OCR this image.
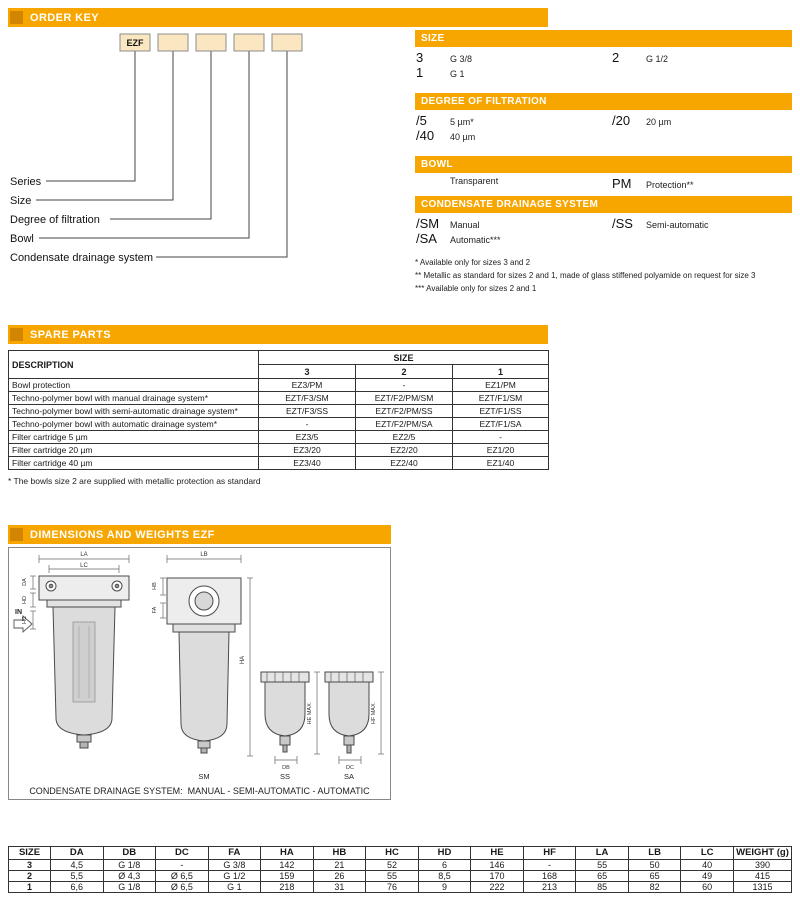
ORDER KEY
EZF
Series
Size
Degree of filtration
Bowl
Condensate drainage system
SIZE
3	G 3/8	2	G 1/2
1	G 1
DEGREE OF FILTRATION
/5	5 µm*	/20	20 µm
/40	40 µm
BOWL
Transparent	PM	Protection**
CONDENSATE DRAINAGE SYSTEM
/SM	Manual	/SS	Semi-automatic
/SA	Automatic***
* Available only for sizes 3 and 2
** Metallic as standard for sizes 2 and 1, made of glass stiffened polyamide on request for size 3
*** Available only for sizes 2 and 1
SPARE PARTS
DESCRIPTION	SIZE		
	3	2	1
Bowl protection	EZ3/PM	-	EZ1/PM
Techno-polymer bowl with manual drainage system*	EZT/F3/SM	EZT/F2/PM/SM	EZT/F1/SM
Techno-polymer bowl with semi-automatic drainage system*	EZT/F3/SS	EZT/F2/PM/SS	EZT/F1/SS
Techno-polymer bowl with automatic drainage system*	-	EZT/F2/PM/SA	EZT/F1/SA
Filter cartridge 5 µm	EZ3/5	EZ2/5	-
Filter cartridge 20 µm	EZ3/20	EZ2/20	EZ1/20
Filter cartridge 40 µm	EZ3/40	EZ2/40	EZ1/40
* The bowls size 2 are supplied with metallic protection as standard
DIMENSIONS AND WEIGHTS EZF
IN
LA
LC
LB
DA
HD
HC
HB
FA
HA
HE MAX.	HF MAX.
DB	DC
SM	SS	SA
CONDENSATE DRAINAGE SYSTEM:  MANUAL - SEMI-AUTOMATIC - AUTOMATIC
SIZE	DA	DB	DC	FA	HA	HB	HC	HD	HE	HF	LA	LB	LC	WEIGHT (g)
3	4,5	G 1/8	-	G 3/8	142	21	52	6	146	-	55	50	40	390
2	5,5	Ø 4,3	Ø 6,5	G 1/2	159	26	55	8,5	170	168	65	65	49	415
1	6,6	G 1/8	Ø 6,5	G 1	218	31	76	9	222	213	85	82	60	1315
